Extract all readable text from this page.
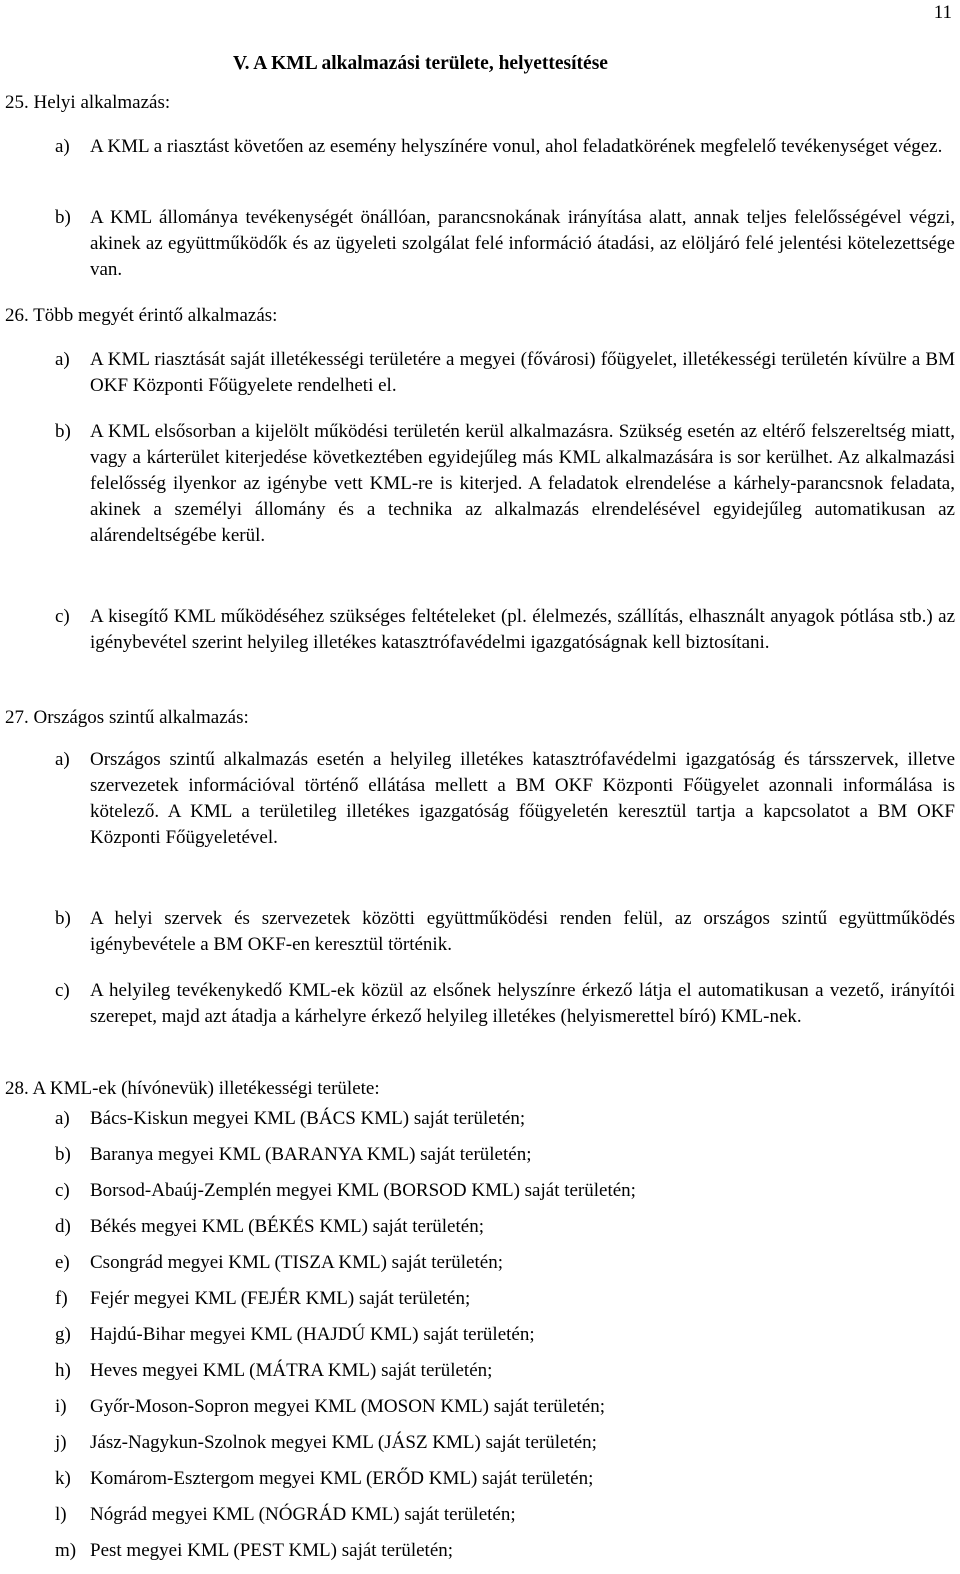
11
V. A KML alkalmazási területe, helyettesítése
25. Helyi alkalmazás:
a) A KML a riasztást követően az esemény helyszínére vonul, ahol feladatkörének megfelelő tevékenységet végez.
b) A KML állománya tevékenységét önállóan, parancsnokának irányítása alatt, annak teljes felelősségével végzi, akinek az együttműködők és az ügyeleti szolgálat felé információ átadási, az elöljáró felé jelentési kötelezettsége van.
26. Több megyét érintő alkalmazás:
a) A KML riasztását saját illetékességi területére a megyei (fővárosi) főügyelet, illetékességi területén kívülre a BM OKF Központi Főügyelete rendelheti el.
b) A KML elsősorban a kijelölt működési területén kerül alkalmazásra. Szükség esetén az eltérő felszereltség miatt, vagy a kárterület kiterjedése következtében egyidejűleg más KML alkalmazására is sor kerülhet. Az alkalmazási felelősség ilyenkor az igénybe vett KML-re is kiterjed. A feladatok elrendelése a kárhely-parancsnok feladata, akinek a személyi állomány és a technika az alkalmazás elrendelésével egyidejűleg automatikusan az alárendeltségébe kerül.
c) A kisegítő KML működéséhez szükséges feltételeket (pl. élelmezés, szállítás, elhasznált anyagok pótlása stb.) az igénybevétel szerint helyileg illetékes katasztrófavédelmi igazgatóságnak kell biztosítani.
27. Országos szintű alkalmazás:
a) Országos szintű alkalmazás esetén a helyileg illetékes katasztrófavédelmi igazgatóság és társszervek, illetve szervezetek információval történő ellátása mellett a BM OKF Központi Főügyelet azonnali informálása is kötelező. A KML a területileg illetékes igazgatóság főügyeletén keresztül tartja a kapcsolatot a BM OKF Központi Főügyeletével.
b) A helyi szervek és szervezetek közötti együttműködési renden felül, az országos szintű együttműködés igénybevétele a BM OKF-en keresztül történik.
c) A helyileg tevékenykedő KML-ek közül az elsőnek helyszínre érkező látja el automatikusan a vezető, irányítói szerepet, majd azt átadja a kárhelyre érkező helyileg illetékes (helyismerettel bíró) KML-nek.
28. A KML-ek (hívónevük) illetékességi területe:
a) Bács-Kiskun megyei KML (BÁCS KML) saját területén;
b) Baranya megyei KML (BARANYA KML) saját területén;
c) Borsod-Abaúj-Zemplén megyei KML (BORSOD KML) saját területén;
d) Békés megyei KML (BÉKÉS KML) saját területén;
e) Csongrád megyei KML (TISZA KML) saját területén;
f) Fejér megyei KML (FEJÉR KML) saját területén;
g) Hajdú-Bihar megyei KML (HAJDÚ KML) saját területén;
h) Heves megyei KML (MÁTRA KML) saját területén;
i) Győr-Moson-Sopron megyei KML (MOSON KML) saját területén;
j) Jász-Nagykun-Szolnok megyei KML (JÁSZ KML) saját területén;
k) Komárom-Esztergom megyei KML (ERŐD KML) saját területén;
l) Nógrád megyei KML (NÓGRÁD KML) saját területén;
m) Pest megyei KML (PEST KML) saját területén;
